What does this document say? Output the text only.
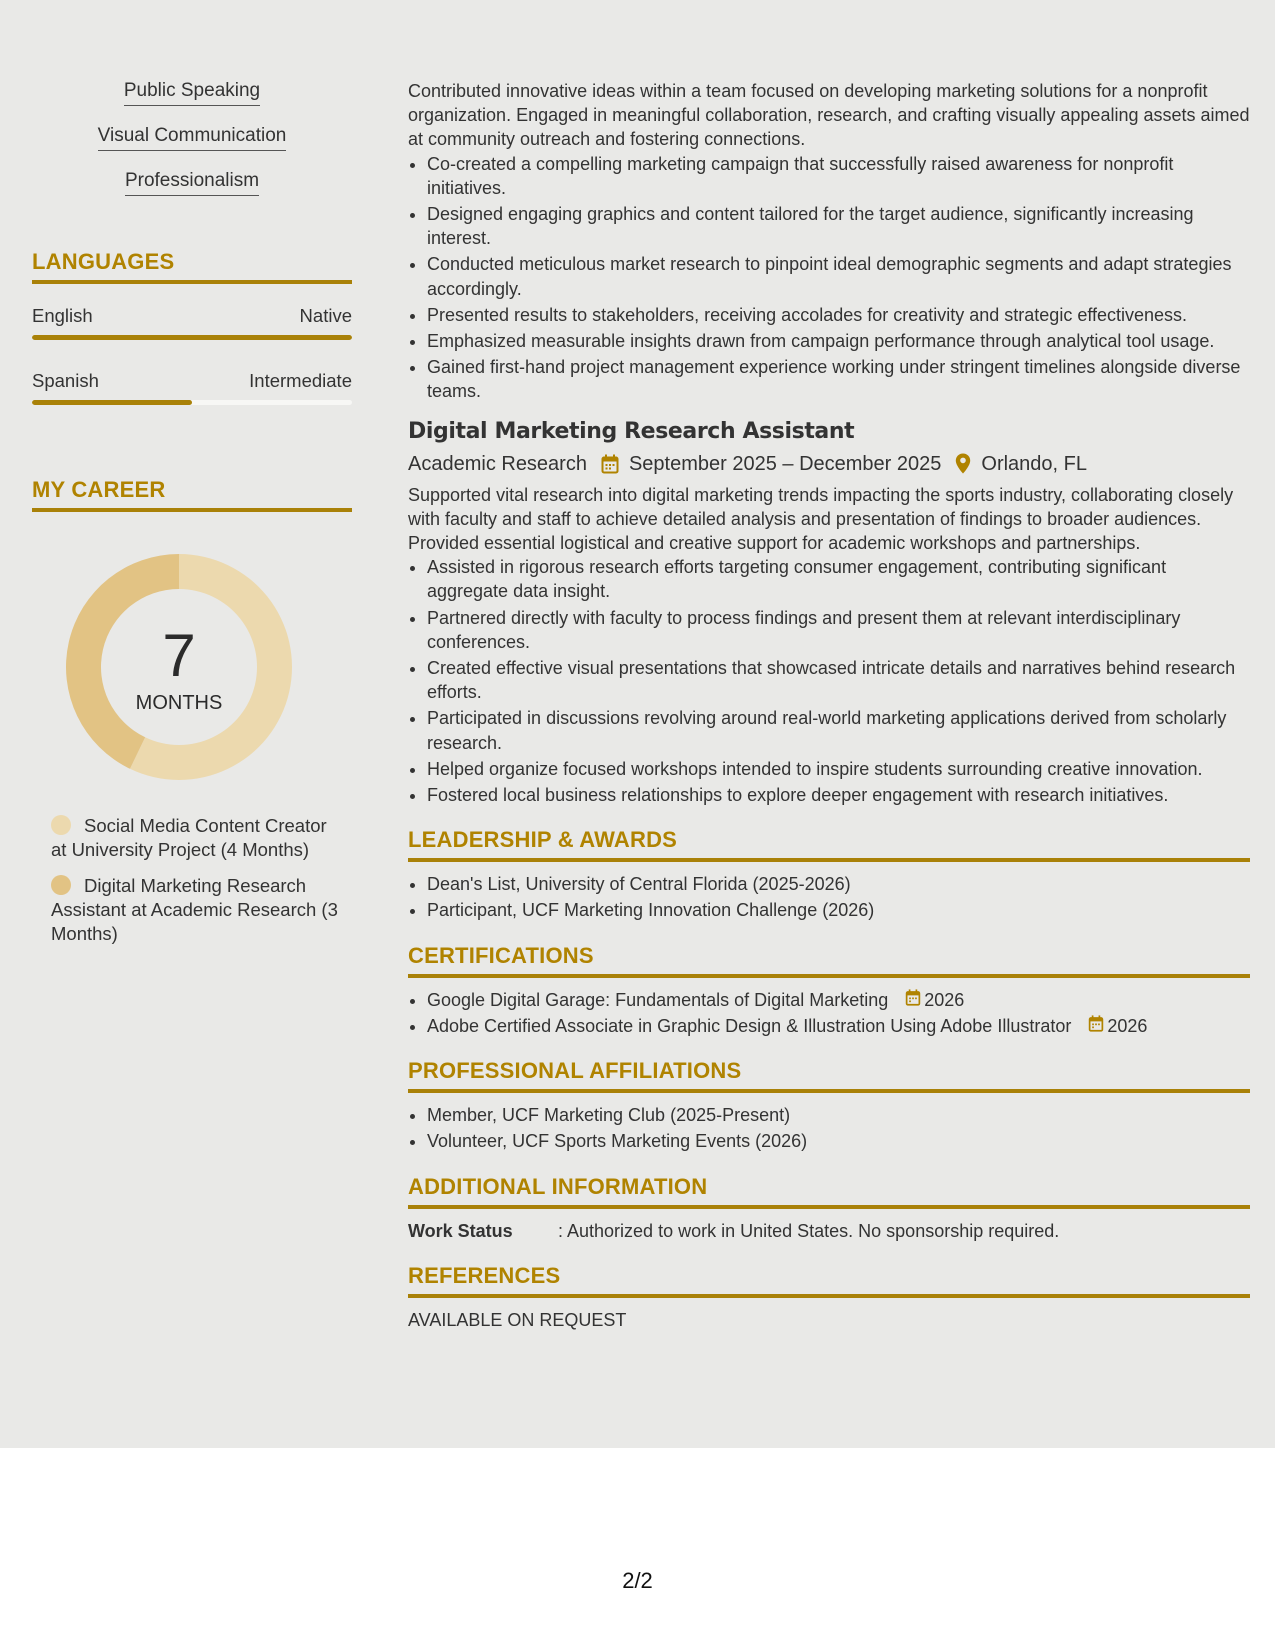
Public Speaking
Visual Communication
Professionalism
LANGUAGES
English	Native
Spanish	Intermediate
MY CAREER
7
MONTHS
Social Media Content Creator at University Project (4 Months)
Digital Marketing Research Assistant at Academic Research (3 Months)

Contributed innovative ideas within a team focused on developing marketing solutions for a nonprofit organization. Engaged in meaningful collaboration, research, and crafting visually appealing assets aimed at community outreach and fostering connections.

• Co-created a compelling marketing campaign that successfully raised awareness for nonprofit initiatives.
• Designed engaging graphics and content tailored for the target audience, significantly increasing interest.
• Conducted meticulous market research to pinpoint ideal demographic segments and adapt strategies accordingly.
• Presented results to stakeholders, receiving accolades for creativity and strategic effectiveness.
• Emphasized measurable insights drawn from campaign performance through analytical tool usage.
• Gained first-hand project management experience working under stringent timelines alongside diverse teams.
Digital Marketing Research Assistant
Academic Research September 2025 – December 2025 Orlando, FL

Supported vital research into digital marketing trends impacting the sports industry, collaborating closely with faculty and staff to achieve detailed analysis and presentation of findings to broader audiences. Provided essential logistical and creative support for academic workshops and partnerships.

• Assisted in rigorous research efforts targeting consumer engagement, contributing significant aggregate data insight.
• Partnered directly with faculty to process findings and present them at relevant interdisciplinary conferences.
• Created effective visual presentations that showcased intricate details and narratives behind research efforts.
• Participated in discussions revolving around real-world marketing applications derived from scholarly research.
• Helped organize focused workshops intended to inspire students surrounding creative innovation.
• Fostered local business relationships to explore deeper engagement with research initiatives.
LEADERSHIP & AWARDS
• Dean's List, University of Central Florida (2025-2026)
• Participant, UCF Marketing Innovation Challenge (2026)
CERTIFICATIONS
• Google Digital Garage: Fundamentals of Digital Marketing 2026
• Adobe Certified Associate in Graphic Design & Illustration Using Adobe Illustrator 2026
PROFESSIONAL AFFILIATIONS
• Member, UCF Marketing Club (2025-Present)
• Volunteer, UCF Sports Marketing Events (2026)
ADDITIONAL INFORMATION
Work Status	: Authorized to work in United States. No sponsorship required.
REFERENCES
AVAILABLE ON REQUEST
2/2
